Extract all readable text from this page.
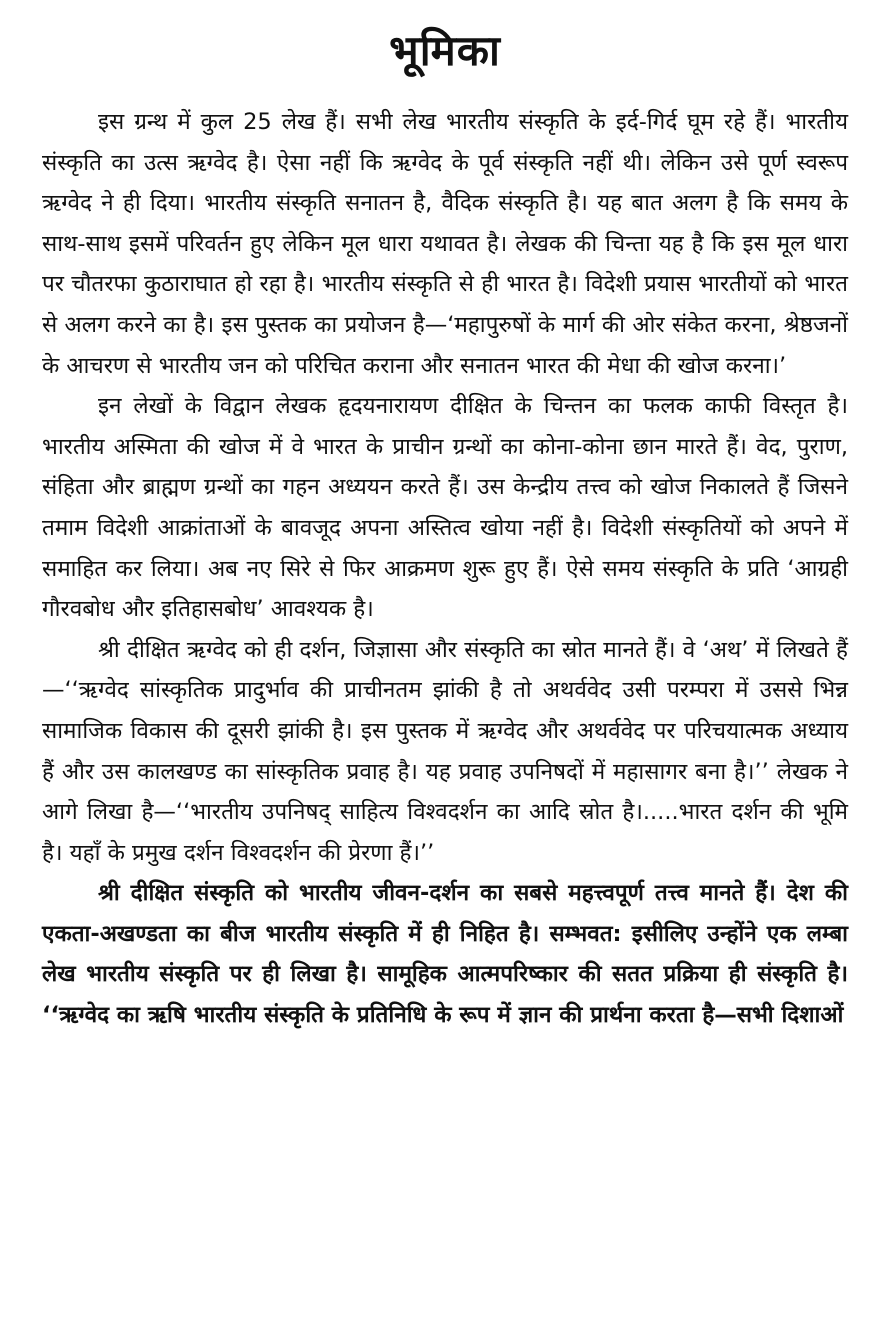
भूमिका

इस ग्रन्थ में कुल 25 लेख हैं। सभी लेख भारतीय संस्कृति के इर्द-गिर्द घूम रहे हैं। भारतीय संस्कृति का उत्स ऋग्वेद है। ऐसा नहीं कि ऋग्वेद के पूर्व संस्कृति नहीं थी। लेकिन उसे पूर्ण स्वरूप ऋग्वेद ने ही दिया। भारतीय संस्कृति सनातन है, वैदिक संस्कृति है। यह बात अलग है कि समय के साथ-साथ इसमें परिवर्तन हुए लेकिन मूल धारा यथावत है। लेखक की चिन्ता यह है कि इस मूल धारा पर चौतरफा कुठाराघात हो रहा है। भारतीय संस्कृति से ही भारत है। विदेशी प्रयास भारतीयों को भारत से अलग करने का है। इस पुस्तक का प्रयोजन है—‘महापुरुषों के मार्ग की ओर संकेत करना, श्रेष्ठजनों के आचरण से भारतीय जन को परिचित कराना और सनातन भारत की मेधा की खोज करना।’

इन लेखों के विद्वान लेखक हृदयनारायण दीक्षित के चिन्तन का फलक काफी विस्तृत है। भारतीय अस्मिता की खोज में वे भारत के प्राचीन ग्रन्थों का कोना-कोना छान मारते हैं। वेद, पुराण, संहिता और ब्राह्मण ग्रन्थों का गहन अध्ययन करते हैं। उस केन्द्रीय तत्त्व को खोज निकालते हैं जिसने तमाम विदेशी आक्रांताओं के बावजूद अपना अस्तित्व खोया नहीं है। विदेशी संस्कृतियों को अपने में समाहित कर लिया। अब नए सिरे से फिर आक्रमण शुरू हुए हैं। ऐसे समय संस्कृति के प्रति ‘आग्रही गौरवबोध और इतिहासबोध’ आवश्यक है।

श्री दीक्षित ऋग्वेद को ही दर्शन, जिज्ञासा और संस्कृति का स्रोत मानते हैं। वे ‘अथ’ में लिखते हैं—‘‘ऋग्वेद सांस्कृतिक प्रादुर्भाव की प्राचीनतम झांकी है तो अथर्ववेद उसी परम्परा में उससे भिन्न सामाजिक विकास की दूसरी झांकी है। इस पुस्तक में ऋग्वेद और अथर्ववेद पर परिचयात्मक अध्याय हैं और उस कालखण्ड का सांस्कृतिक प्रवाह है। यह प्रवाह उपनिषदों में महासागर बना है।’’ लेखक ने आगे लिखा है—‘‘भारतीय उपनिषद् साहित्य विश्वदर्शन का आदि स्रोत है।.....भारत दर्शन की भूमि है। यहाँ के प्रमुख दर्शन विश्वदर्शन की प्रेरणा हैं।’’

श्री दीक्षित संस्कृति को भारतीय जीवन-दर्शन का सबसे महत्त्वपूर्ण तत्त्व मानते हैं। देश की एकता-अखण्डता का बीज भारतीय संस्कृति में ही निहित है। सम्भवत: इसीलिए उन्होंने एक लम्बा लेख भारतीय संस्कृति पर ही लिखा है। सामूहिक आत्मपरिष्कार की सतत प्रक्रिया ही संस्कृति है। ‘‘ऋग्वेद का ऋषि भारतीय संस्कृति के प्रतिनिधि के रूप में ज्ञान की प्रार्थना करता है—सभी दिशाओं
